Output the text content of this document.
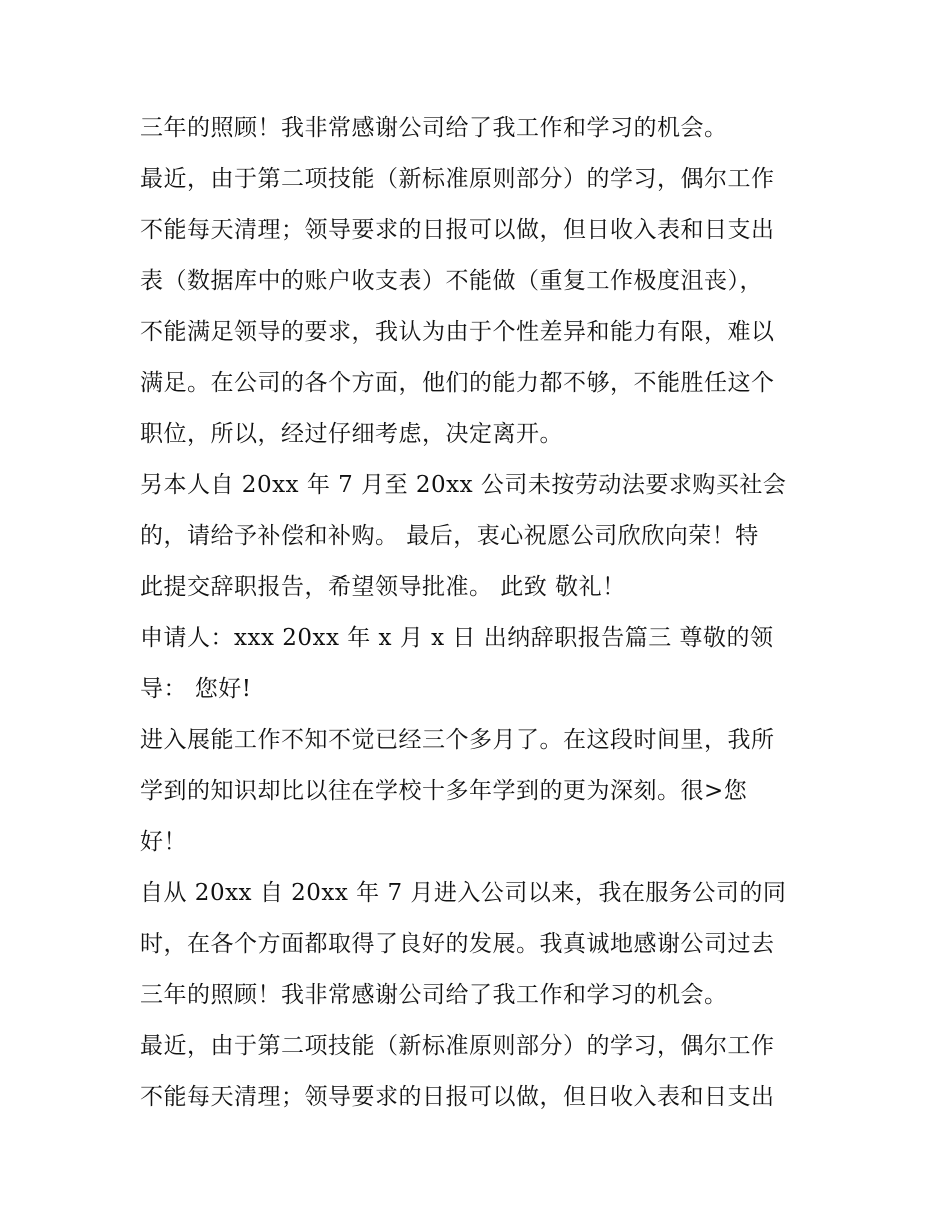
三年的照顾！我非常感谢公司给了我工作和学习的机会。
最近，由于第二项技能（新标准原则部分）的学习，偶尔工作
不能每天清理；领导要求的日报可以做，但日收入表和日支出
表（数据库中的账户收支表）不能做（重复工作极度沮丧），
不能满足领导的要求，我认为由于个性差异和能力有限，难以
满足。在公司的各个方面，他们的能力都不够，不能胜任这个
职位，所以，经过仔细考虑，决定离开。
另本人自 20xx 年 7 月至 20xx 公司未按劳动法要求购买社会
的，请给予补偿和补购。 最后，衷心祝愿公司欣欣向荣！特
此提交辞职报告，希望领导批准。 此致 敬礼！
申请人：xxx 20xx 年 x 月 x 日 出纳辞职报告篇三 尊敬的领
导： 您好!
进入展能工作不知不觉已经三个多月了。在这段时间里，我所
学到的知识却比以往在学校十多年学到的更为深刻。很>您
好！
自从 20xx 自 20xx 年 7 月进入公司以来，我在服务公司的同
时，在各个方面都取得了良好的发展。我真诚地感谢公司过去
三年的照顾！我非常感谢公司给了我工作和学习的机会。
最近，由于第二项技能（新标准原则部分）的学习，偶尔工作
不能每天清理；领导要求的日报可以做，但日收入表和日支出
